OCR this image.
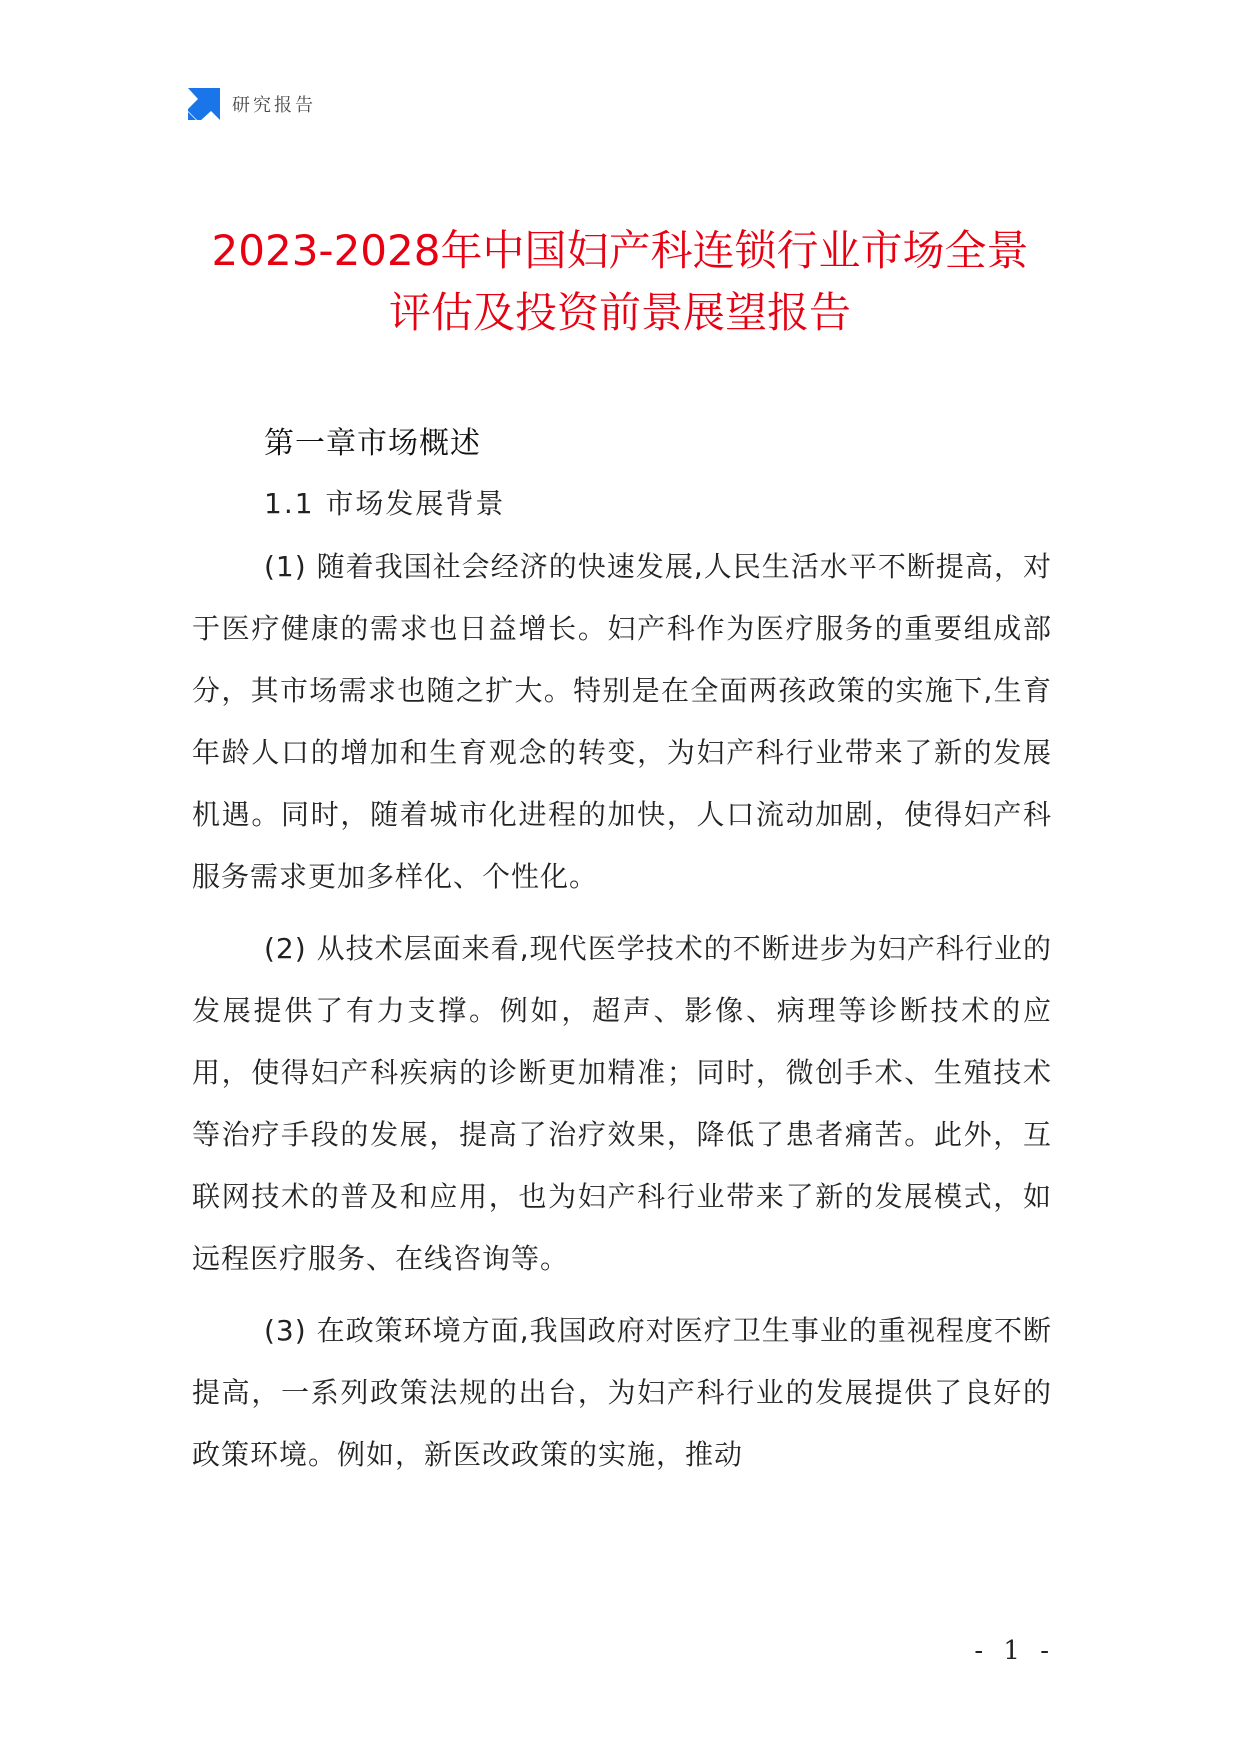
研究报告
2023-2028年中国妇产科连锁行业市场全景
评估及投资前景展望报告
第一章市场概述
1.1 市场发展背景

(1) 随着我国社会经济的快速发展,人民生活水平不断提高，对于医疗健康的需求也日益增长。妇产科作为医疗服务的重要组成部分，其市场需求也随之扩大。特别是在全面两孩政策的实施下,生育年龄人口的增加和生育观念的转变，为妇产科行业带来了新的发展机遇。同时，随着城市化进程的加快，人口流动加剧，使得妇产科服务需求更加多样化、个性化。

(2) 从技术层面来看,现代医学技术的不断进步为妇产科行业的发展提供了有力支撑。例如，超声、影像、病理等诊断技术的应用，使得妇产科疾病的诊断更加精准；同时，微创手术、生殖技术等治疗手段的发展，提高了治疗效果，降低了患者痛苦。此外，互联网技术的普及和应用，也为妇产科行业带来了新的发展模式，如远程医疗服务、在线咨询等。

(3) 在政策环境方面,我国政府对医疗卫生事业的重视程度不断提高，一系列政策法规的出台，为妇产科行业的发展提供了良好的政策环境。例如，新医改政策的实施，推动

- 1 -
